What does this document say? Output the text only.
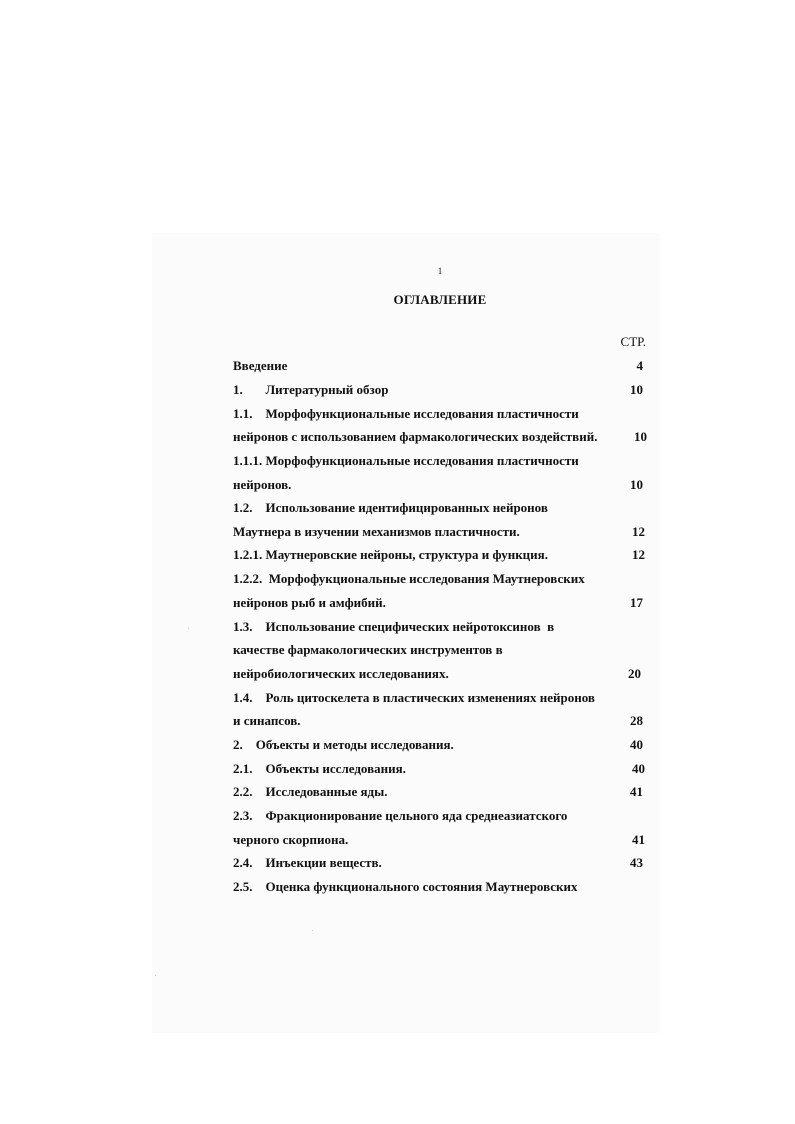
1
ОГЛАВЛЕНИЕ
СТР.
Введение	4
1.       Литературный обзор	10
1.1.    Морфофункциональные исследования пластичности
нейронов с использованием фармакологических воздействий.	10
1.1.1. Морфофункциональные исследования пластичности
нейронов.	10
1.2.    Использование идентифицированных нейронов
Маутнера в изучении механизмов пластичности.	12
1.2.1. Маутнеровские нейроны, структура и функция.	12
1.2.2.  Морфофукциональные исследования Маутнеровских
нейронов рыб и амфибий.	17
1.3.    Использование специфических нейротоксинов  в
качестве фармакологических инструментов в
нейробиологических исследованиях.	20
1.4.    Роль цитоскелета в пластических изменениях нейронов
и синапсов.	28
2.    Объекты и методы исследования.	40
2.1.    Объекты исследования.	40
2.2.    Исследованные яды.	41
2.3.    Фракционирование цельного яда среднеазиатского
черного скорпиона.	41
2.4.    Инъекции веществ.	43
2.5.    Оценка функционального состояния Маутнеровских
